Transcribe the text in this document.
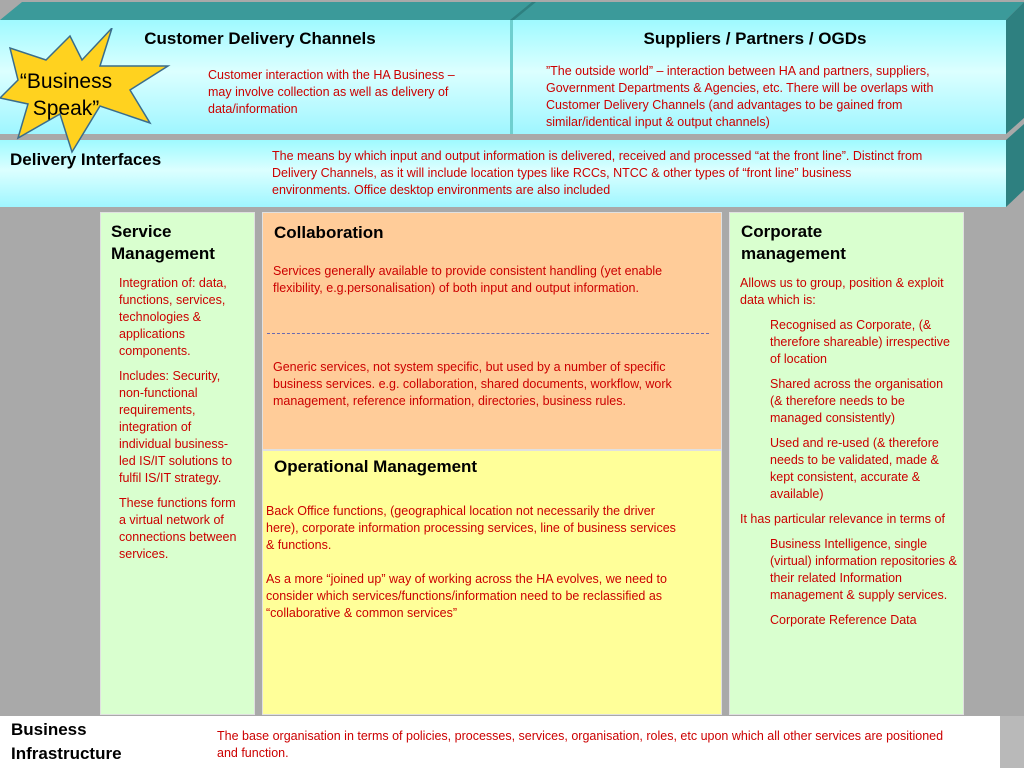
Customer Delivery Channels
Customer interaction with the HA Business – may involve collection as well as delivery of data/information
Suppliers / Partners / OGDs
”The outside world” – interaction between HA and partners, suppliers, Government Departments & Agencies, etc. There will be overlaps with Customer Delivery Channels (and advantages to be gained from similar/identical input & output channels)
Delivery Interfaces	The means by which input and output information is delivered, received and processed “at the front line”. Distinct from Delivery Channels, as it will include location types like RCCs, NTCC & other types of “front line” business environments. Office desktop environments are also included
“Business
Speak”
Service Management
Integration of: data, functions, services, technologies & applications components.
Includes: Security, non-functional requirements, integration of individual business-led IS/IT solutions to fulfil IS/IT strategy.
These functions form a virtual network of connections between services.
Collaboration
Services generally available to provide consistent handling (yet enable flexibility, e.g.personalisation) of both input and output information.
Generic services, not system specific, but used by a number of specific business services. e.g. collaboration, shared documents, workflow, work management, reference information, directories, business rules.
Operational Management
Back Office functions, (geographical location not necessarily the driver here), corporate information processing services, line of business services & functions.
As a more “joined up” way of working across the HA evolves, we need to consider which services/functions/information need to be reclassified as “collaborative & common services”
Corporate management
Allows us to group, position & exploit data which is:
Recognised as Corporate, (& therefore shareable) irrespective of location
Shared across the organisation (& therefore needs to be managed consistently)
Used and re-used (& therefore needs to be validated, made & kept consistent, accurate & available)
It has particular relevance in terms of
Business Intelligence, single (virtual) information repositories & their related Information management & supply services.
Corporate Reference Data
Business Infrastructure
The base organisation in terms of policies, processes, services, organisation, roles, etc upon which all other services are positioned and function.
